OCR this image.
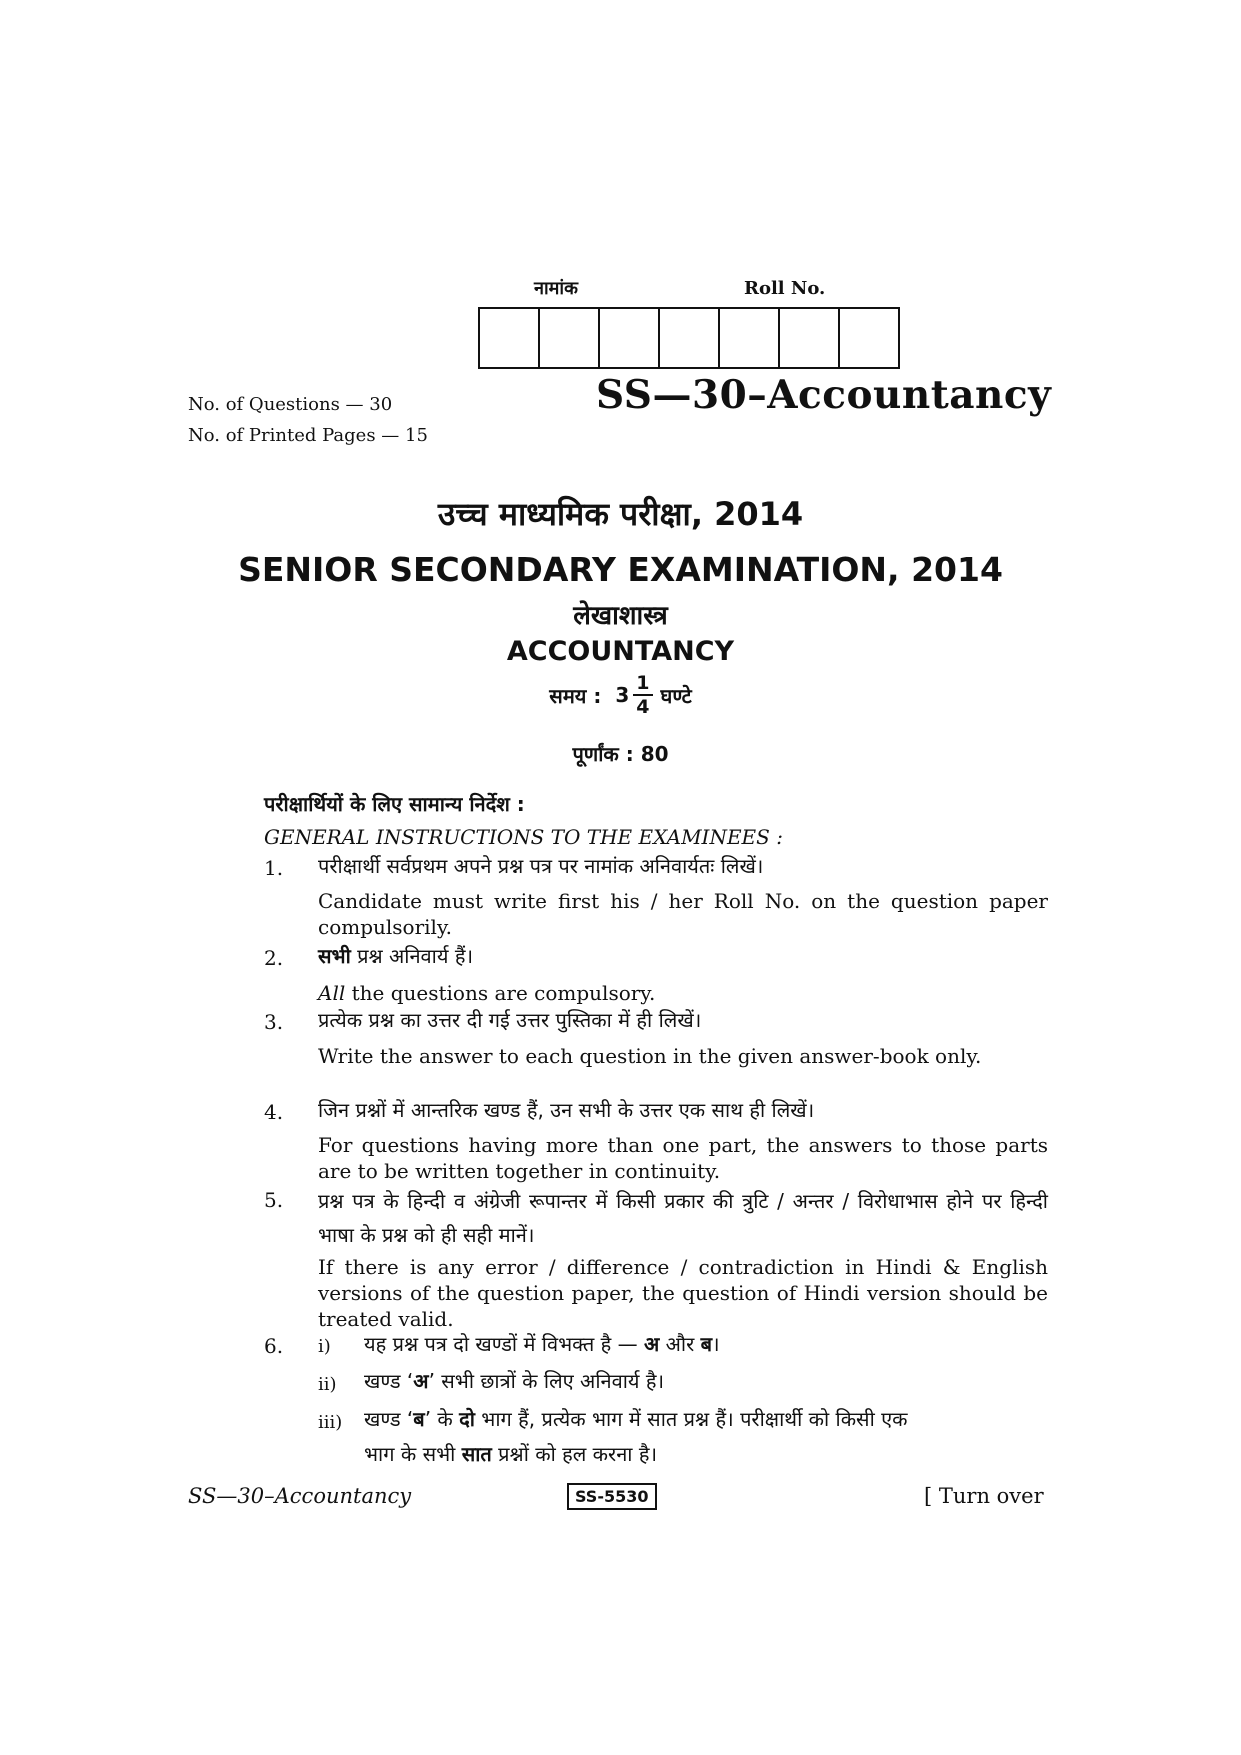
नामांक	Roll No.
No. of Questions — 30
No. of Printed Pages — 15
SS—30–Accountancy
उच्च माध्यमिक परीक्षा, 2014
SENIOR SECONDARY EXAMINATION, 2014
लेखाशास्त्र
ACCOUNTANCY
समय : $3 \frac{1}{4}$ घण्टे
पूर्णांक : 80
परीक्षार्थियों के लिए सामान्य निर्देश :
GENERAL INSTRUCTIONS TO THE EXAMINEES :
1. परीक्षार्थी सर्वप्रथम अपने प्रश्न पत्र पर नामांक अनिवार्यतः लिखें।
Candidate must write first his / her Roll No. on the question paper compulsorily.
2. सभी प्रश्न अनिवार्य हैं।
All the questions are compulsory.
3. प्रत्येक प्रश्न का उत्तर दी गई उत्तर पुस्तिका में ही लिखें।
Write the answer to each question in the given answer-book only.
4. जिन प्रश्नों में आन्तरिक खण्ड हैं, उन सभी के उत्तर एक साथ ही लिखें।
For questions having more than one part, the answers to those parts are to be written together in continuity.
5. प्रश्न पत्र के हिन्दी व अंग्रेजी रूपान्तर में किसी प्रकार की त्रुटि / अन्तर / विरोधाभास होने पर हिन्दी भाषा के प्रश्न को ही सही मानें।
If there is any error / difference / contradiction in Hindi & English versions of the question paper, the question of Hindi version should be treated valid.
6. i) यह प्रश्न पत्र दो खण्डों में विभक्त है — अ और ब।
ii) खण्ड ‘अ’ सभी छात्रों के लिए अनिवार्य है।
iii) खण्ड ‘ब’ के दो भाग हैं, प्रत्येक भाग में सात प्रश्न हैं। परीक्षार्थी को किसी एक
भाग के सभी सात प्रश्नों को हल करना है।
SS—30–Accountancy	SS-5530	[ Turn over
